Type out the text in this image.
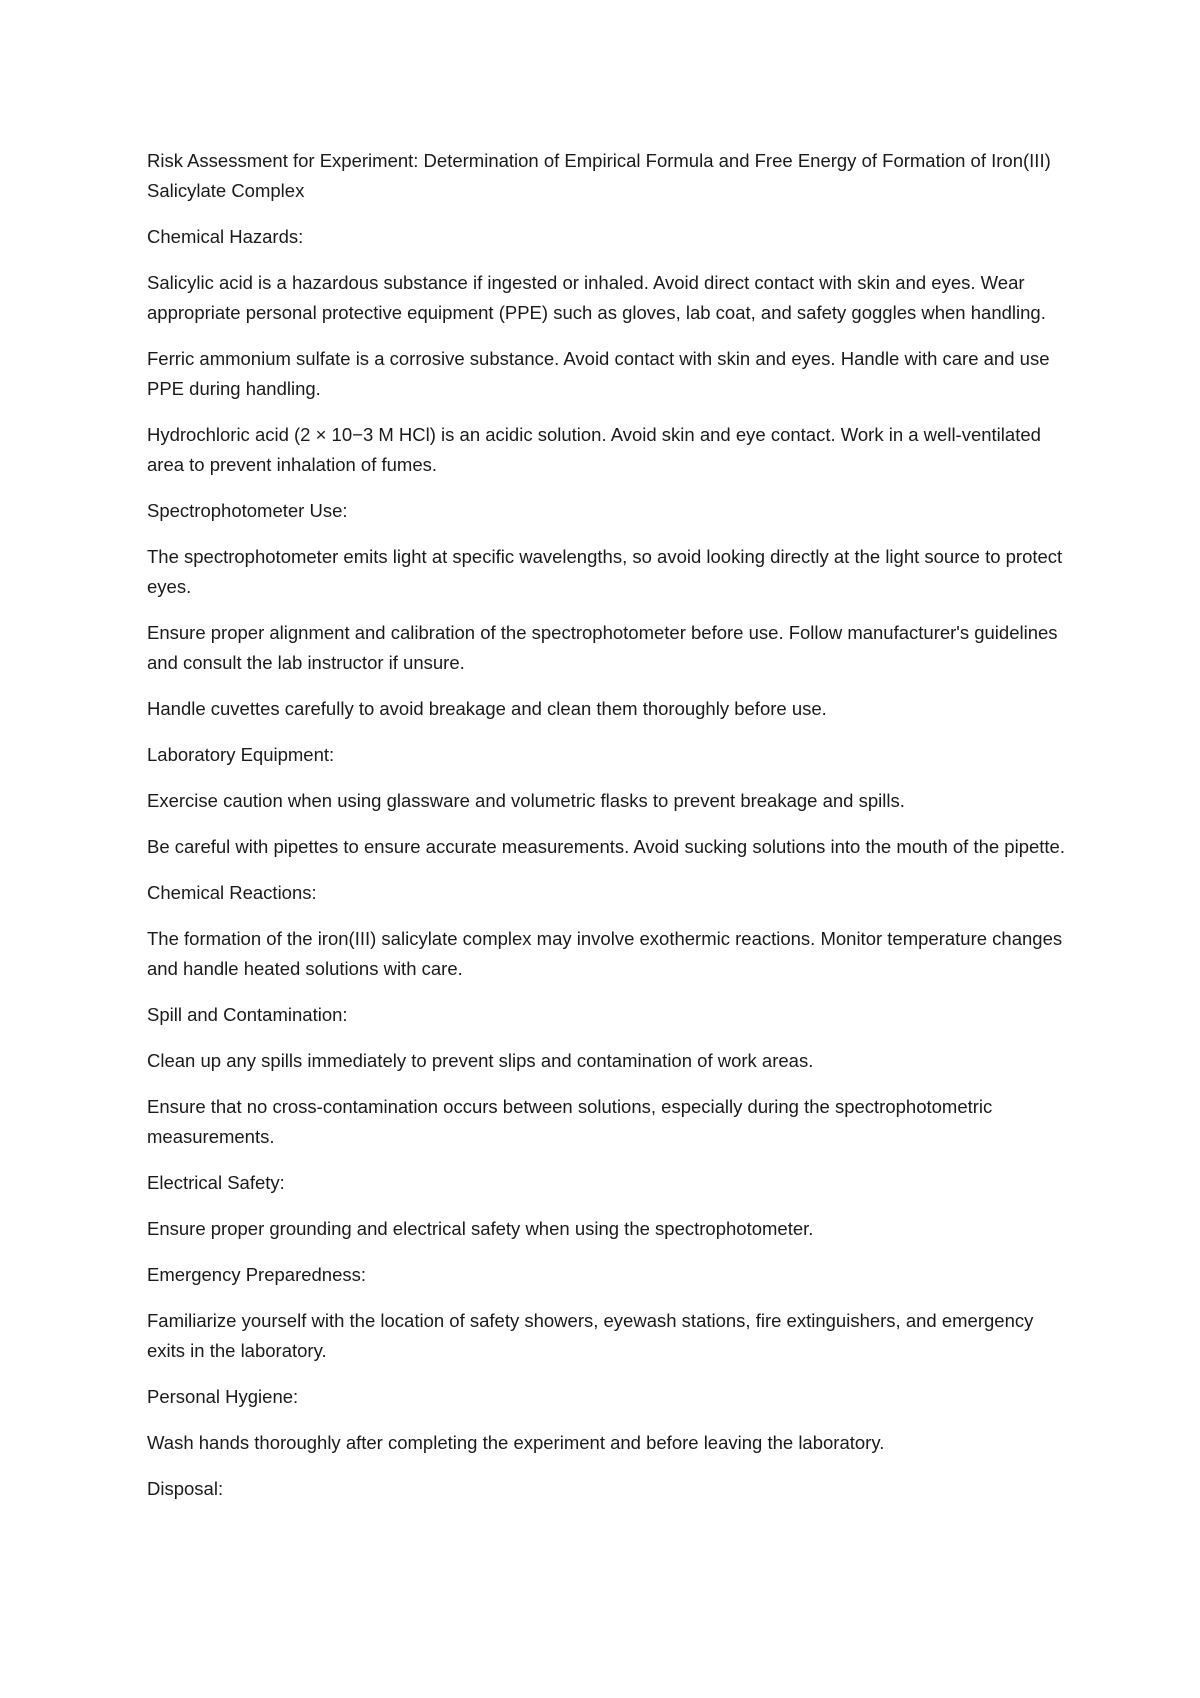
Risk Assessment for Experiment: Determination of Empirical Formula and Free Energy of Formation of Iron(III) Salicylate Complex

Chemical Hazards:

Salicylic acid is a hazardous substance if ingested or inhaled. Avoid direct contact with skin and eyes. Wear appropriate personal protective equipment (PPE) such as gloves, lab coat, and safety goggles when handling.

Ferric ammonium sulfate is a corrosive substance. Avoid contact with skin and eyes. Handle with care and use PPE during handling.

Hydrochloric acid (2 × 10−3 M HCl) is an acidic solution. Avoid skin and eye contact. Work in a well-ventilated area to prevent inhalation of fumes.

Spectrophotometer Use:

The spectrophotometer emits light at specific wavelengths, so avoid looking directly at the light source to protect eyes.

Ensure proper alignment and calibration of the spectrophotometer before use. Follow manufacturer's guidelines and consult the lab instructor if unsure.

Handle cuvettes carefully to avoid breakage and clean them thoroughly before use.

Laboratory Equipment:

Exercise caution when using glassware and volumetric flasks to prevent breakage and spills.

Be careful with pipettes to ensure accurate measurements. Avoid sucking solutions into the mouth of the pipette.

Chemical Reactions:

The formation of the iron(III) salicylate complex may involve exothermic reactions. Monitor temperature changes and handle heated solutions with care.

Spill and Contamination:

Clean up any spills immediately to prevent slips and contamination of work areas.

Ensure that no cross-contamination occurs between solutions, especially during the spectrophotometric measurements.

Electrical Safety:

Ensure proper grounding and electrical safety when using the spectrophotometer.

Emergency Preparedness:

Familiarize yourself with the location of safety showers, eyewash stations, fire extinguishers, and emergency exits in the laboratory.

Personal Hygiene:

Wash hands thoroughly after completing the experiment and before leaving the laboratory.

Disposal:
